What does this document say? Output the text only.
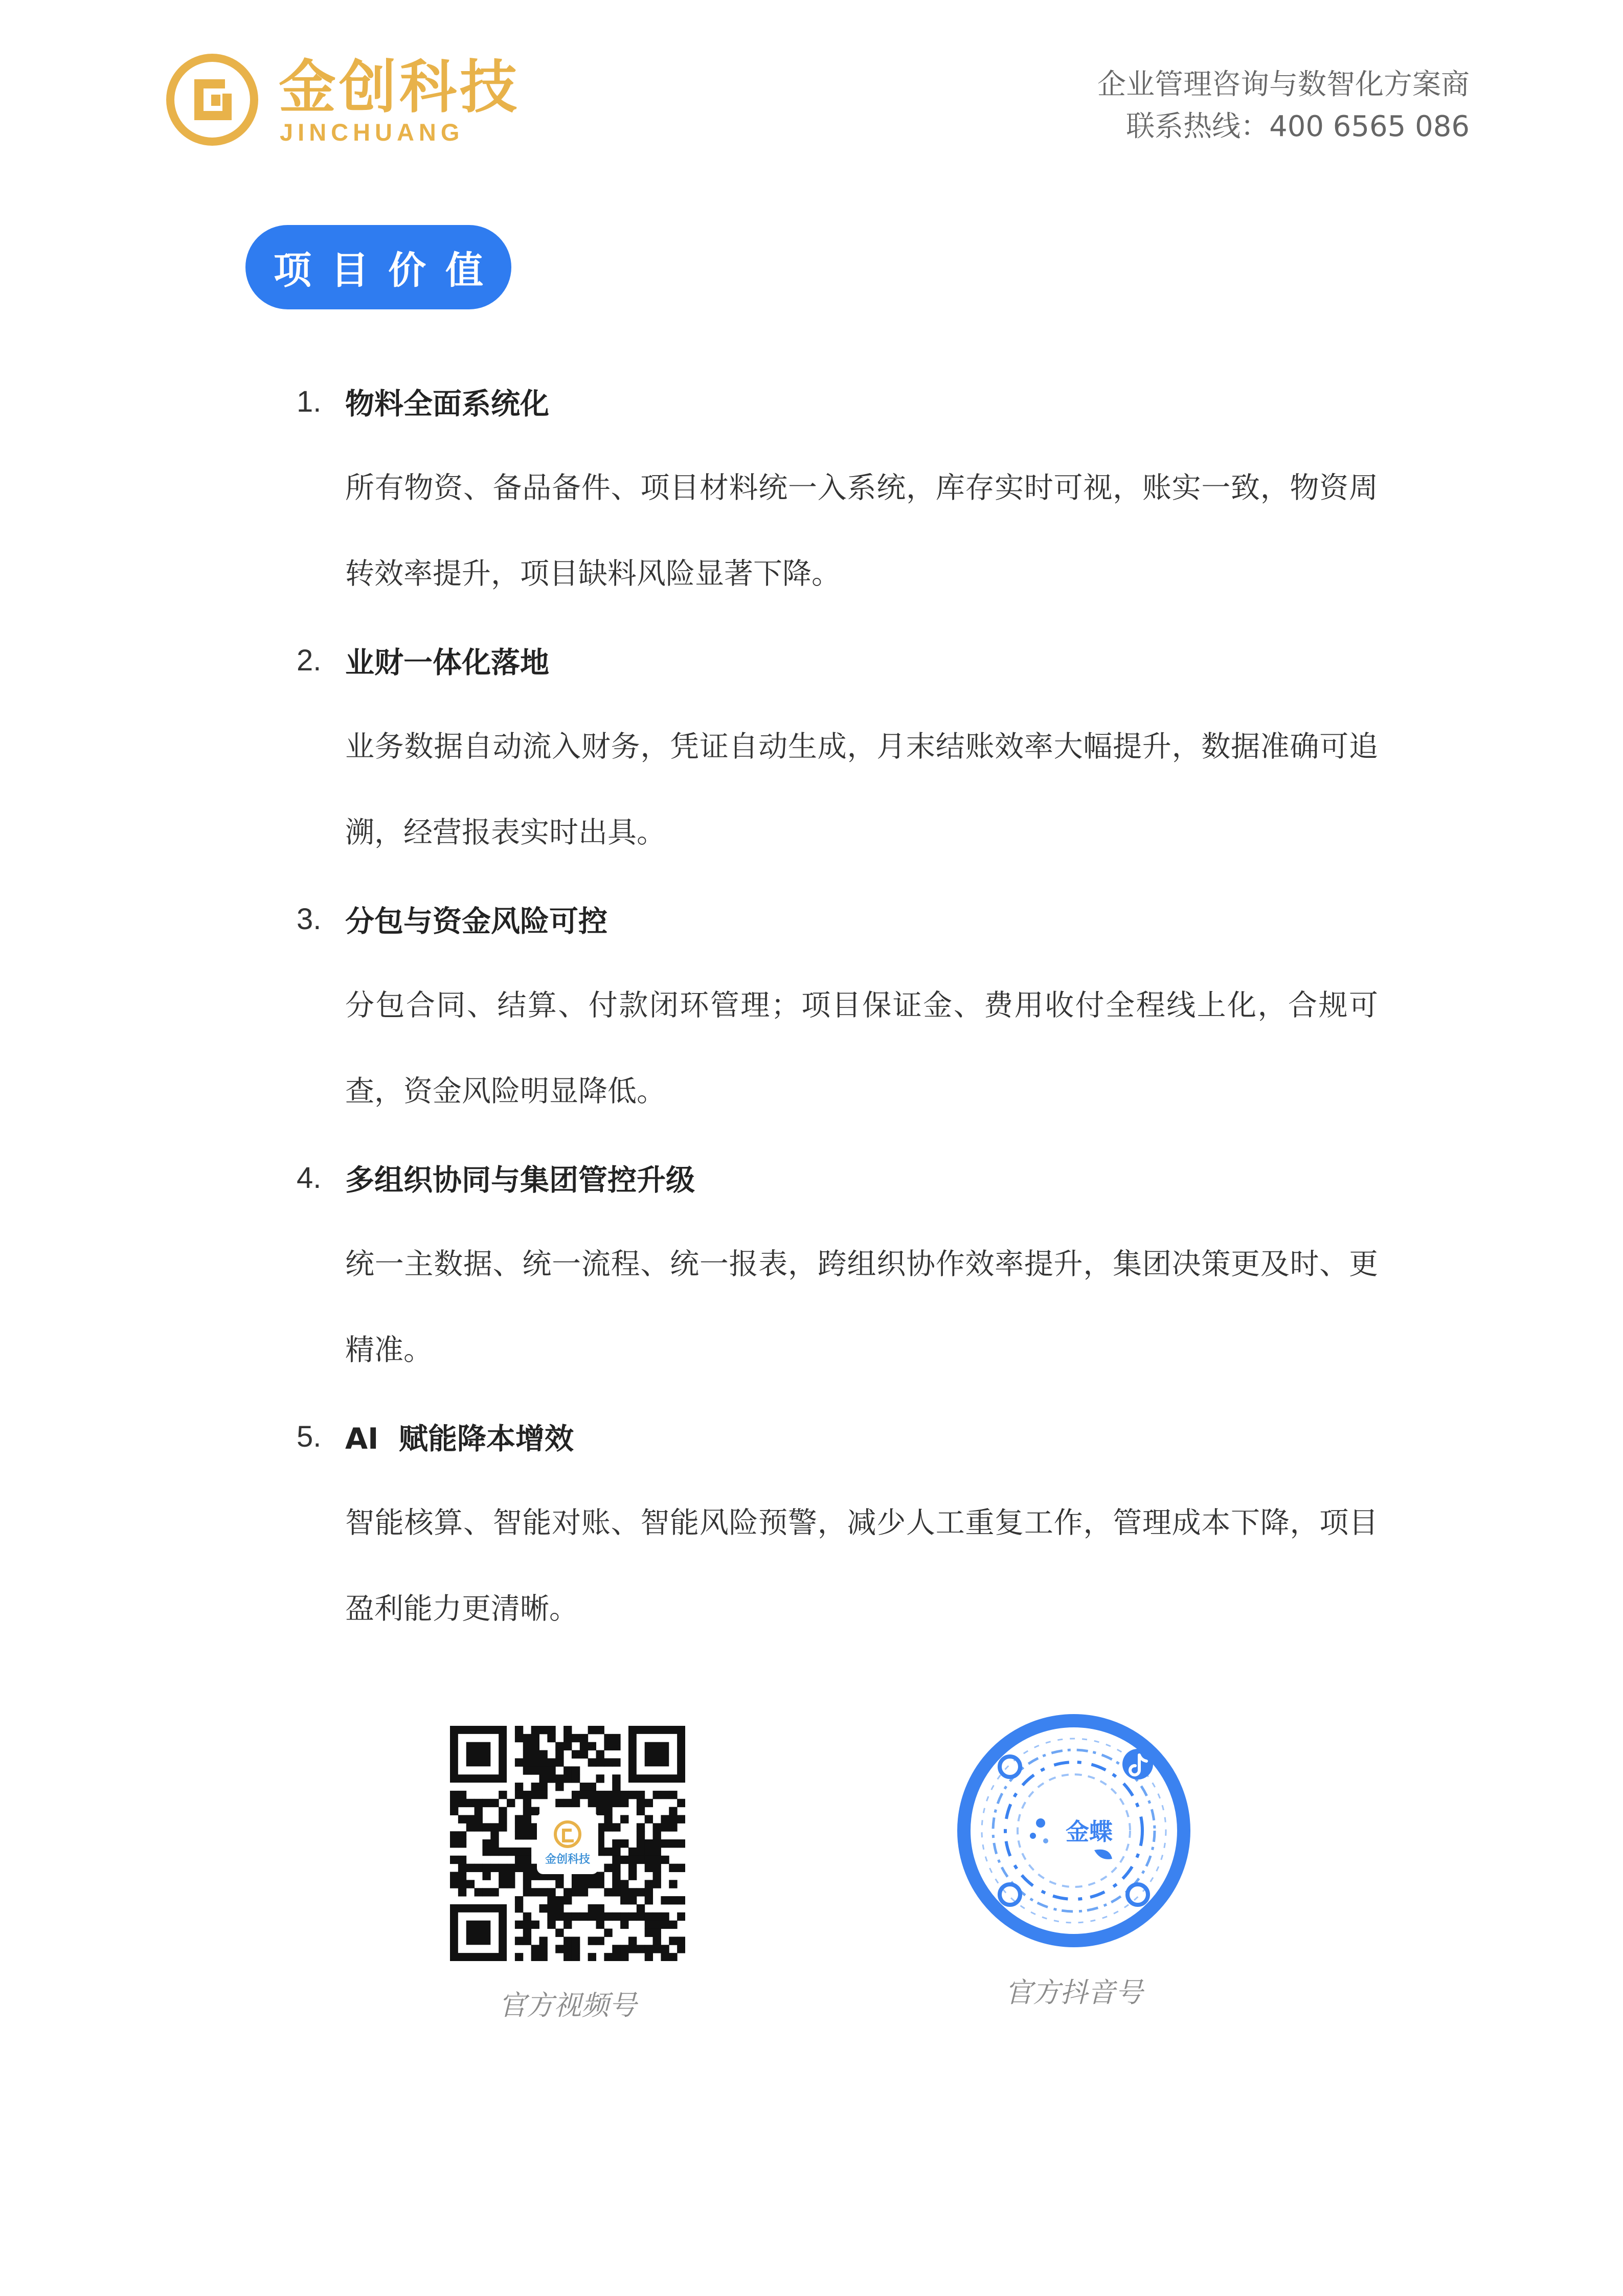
金创科技
JINCHUANG
企业管理咨询与数智化方案商
联系热线：400 6565 086
项目价值
1. 物料全面系统化
所有物资、备品备件、项目材料统一入系统，库存实时可视，账实一致，物资周转效率提升，项目缺料风险显著下降。
2. 业财一体化落地
业务数据自动流入财务，凭证自动生成，月末结账效率大幅提升，数据准确可追溯，经营报表实时出具。
3. 分包与资金风险可控
分包合同、结算、付款闭环管理；项目保证金、费用收付全程线上化，合规可查，资金风险明显降低。
4. 多组织协同与集团管控升级
统一主数据、统一流程、统一报表，跨组织协作效率提升，集团决策更及时、更精准。
5. AI  赋能降本增效
智能核算、智能对账、智能风险预警，减少人工重复工作，管理成本下降，项目盈利能力更清晰。
金创科技
官方视频号
金蝶
官方抖音号
